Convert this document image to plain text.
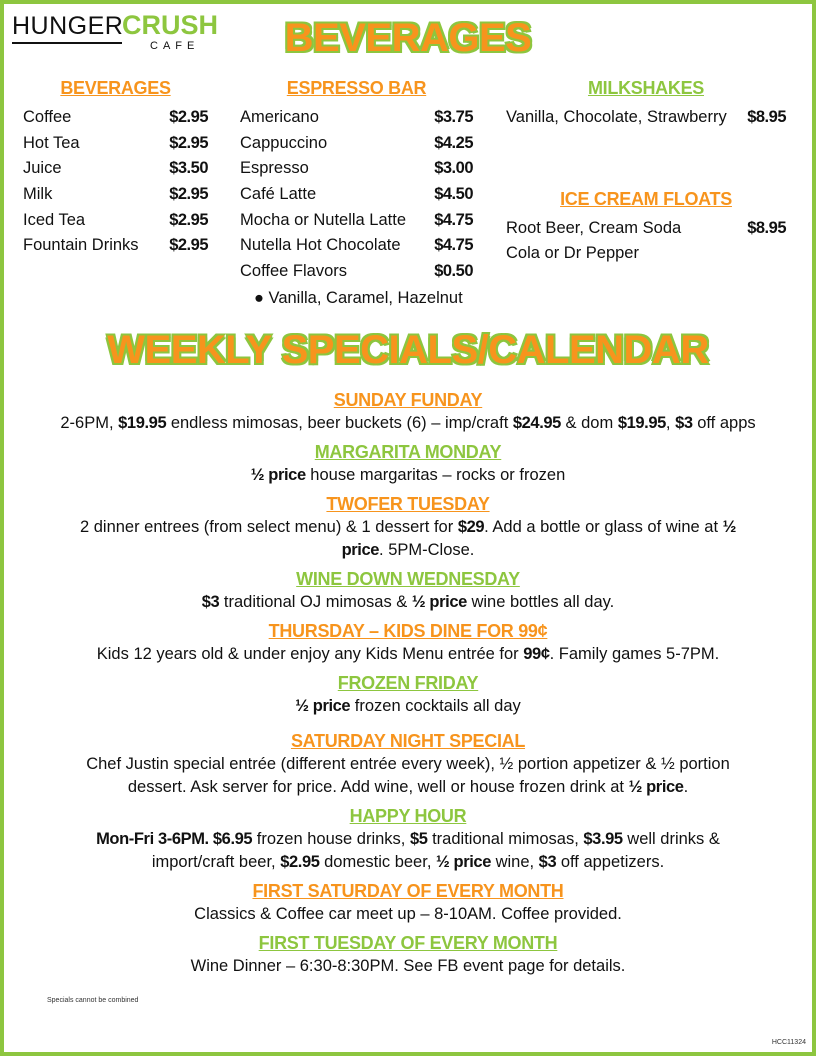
HUNGER
CRUSH
CAFE	BEVERAGES
BEVERAGES
Coffee	$2.95
Hot Tea	$2.95
Juice	$3.50
Milk	$2.95
Iced Tea	$2.95
Fountain Drinks $2.95
ESPRESSO BAR
Americano	$3.75
Cappuccino	$4.25
Espresso	$3.00
Café Latte	$4.50
Mocha or Nutella Latte $4.75
Nutella Hot Chocolate $4.75
Coffee Flavors	$0.50
● Vanilla, Caramel, Hazelnut
MILKSHAKES
Vanilla, Chocolate, Strawberry $8.95
ICE CREAM FLOATS
Root Beer, Cream Soda	$8.95
Cola or Dr Pepper
WEEKLY SPECIALS/CALENDAR
SUNDAY FUNDAY
2-6PM, $19.95 endless mimosas, beer buckets (6) – imp/craft $24.95 & dom $19.95, $3 off apps
MARGARITA MONDAY
½ price house margaritas – rocks or frozen
TWOFER TUESDAY
2 dinner entrees (from select menu) & 1 dessert for $29. Add a bottle or glass of wine at ½ price. 5PM-Close.
WINE DOWN WEDNESDAY
$3 traditional OJ mimosas & ½ price wine bottles all day.
THURSDAY – KIDS DINE FOR 99¢
Kids 12 years old & under enjoy any Kids Menu entrée for 99¢. Family games 5-7PM.
FROZEN FRIDAY
½ price frozen cocktails all day
SATURDAY NIGHT SPECIAL
Chef Justin special entrée (different entrée every week), ½ portion appetizer & ½ portion dessert. Ask server for price. Add wine, well or house frozen drink at ½ price.
HAPPY HOUR
Mon-Fri 3-6PM. $6.95 frozen house drinks, $5 traditional mimosas, $3.95 well drinks & import/craft beer, $2.95 domestic beer, ½ price wine, $3 off appetizers.
FIRST SATURDAY OF EVERY MONTH
Classics & Coffee car meet up – 8-10AM. Coffee provided.
FIRST TUESDAY OF EVERY MONTH
Wine Dinner – 6:30-8:30PM. See FB event page for details.
Specials cannot be combined
HCC11324
